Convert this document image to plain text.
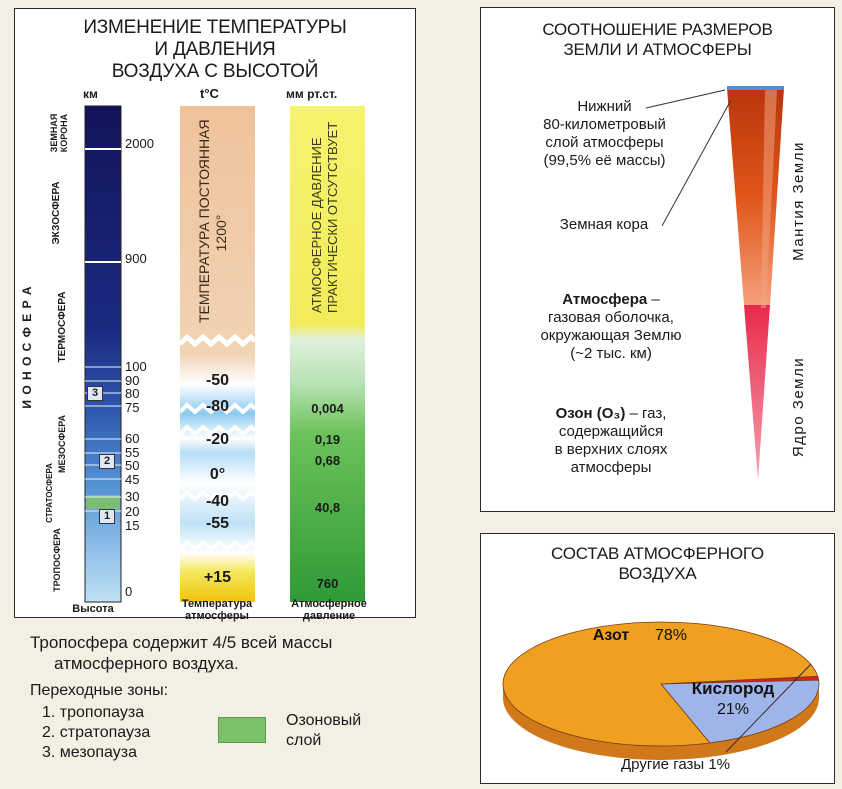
ИЗМЕНЕНИЕ ТЕМПЕРАТУРЫ
И ДАВЛЕНИЯ
ВОЗДУХА С ВЫСОТОЙ
км	t°C	мм рт.ст.
2000
900
100
90
80
75
60
55
50
45
30
20
15
0
3
2
1
ЗЕМНАЯ КОРОНА
ЭКЗОСФЕРА
И О Н О С Ф Е Р А ТЕРМОСФЕРА
МЕЗОСФЕРА
СТРАТОСФЕРА
ТРОПОСФЕРА
ТЕМПЕРАТУРА ПОСТОЯННАЯ 1200°	АТМОСФЕРНОЕ ДАВЛЕНИЕ ПРАКТИЧЕСКИ ОТСУТСТВУЕТ
-50
-80
-20
0°
-40
-55
+15
0,004
0,19
0,68
40,8
760
Высота	Температура
атмосферы
Атмосферное
давление
Тропосфера содержит 4/5 всей массы
атмосферного воздуха.
Переходные зоны:
1. тропопауза
2. стратопауза
3. мезопауза
Озоновый
слой
СООТНОШЕНИЕ РАЗМЕРОВ
ЗЕМЛИ И АТМОСФЕРЫ
Нижний
80-километровый
слой атмосферы
(99,5% её массы)
Земная кора
Атмосфера –
газовая оболочка,
окружающая Землю
(~2 тыс. км)
Озон (O₃) – газ,
содержащийся
в верхних слоях
атмосферы
Мантия Земли
Ядро Земли
СОСТАВ АТМОСФЕРНОГО
ВОЗДУХА
Азот 78%
Кислород
21%
Другие газы 1%
